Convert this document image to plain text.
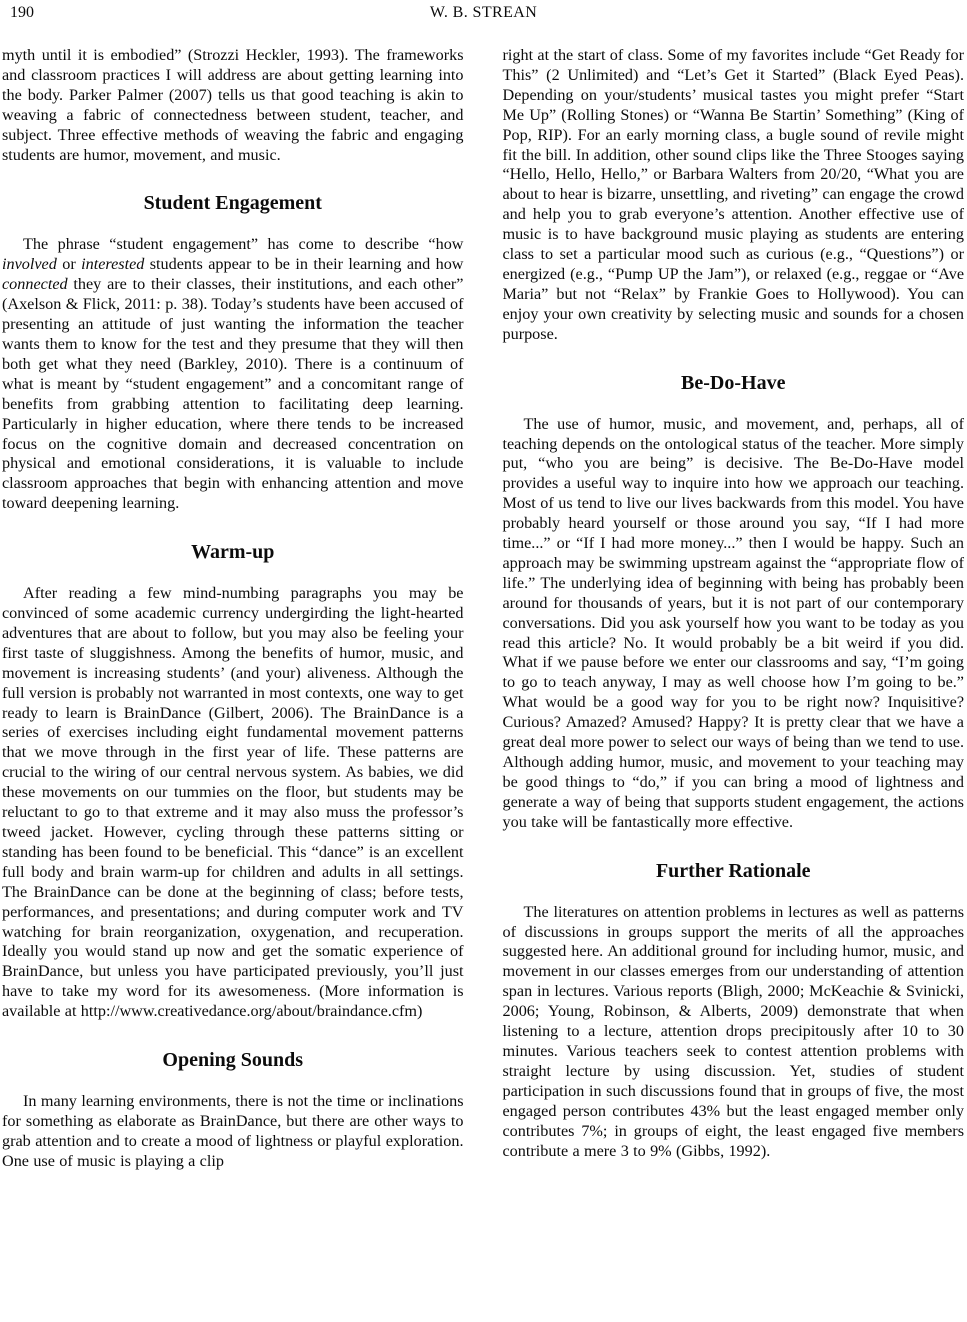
190	W. B. STREAN

myth until it is embodied” (Strozzi Heckler, 1993). The frameworks and classroom practices I will address are about getting learning into the body. Parker Palmer (2007) tells us that good teaching is akin to weaving a fabric of connectedness between student, teacher, and subject. Three effective methods of weaving the fabric and engaging students are humor, movement, and music.

Student Engagement

The phrase “student engagement” has come to describe “how involved or interested students appear to be in their learning and how connected they are to their classes, their institutions, and each other” (Axelson & Flick, 2011: p. 38). Today’s students have been accused of presenting an attitude of just wanting the information the teacher wants them to know for the test and they presume that they will then both get what they need (Barkley, 2010). There is a continuum of what is meant by “student engagement” and a concomitant range of benefits from grabbing attention to facilitating deep learning. Particularly in higher education, where there tends to be increased focus on the cognitive domain and decreased concentration on physical and emotional considerations, it is valuable to include classroom approaches that begin with enhancing attention and move toward deepening learning.

Warm-up

After reading a few mind-numbing paragraphs you may be convinced of some academic currency undergirding the light-hearted adventures that are about to follow, but you may also be feeling your first taste of sluggishness. Among the benefits of humor, music, and movement is increasing students’ (and your) aliveness. Although the full version is probably not warranted in most contexts, one way to get ready to learn is BrainDance (Gilbert, 2006). The BrainDance is a series of exercises including eight fundamental movement patterns that we move through in the first year of life. These patterns are crucial to the wiring of our central nervous system. As babies, we did these movements on our tummies on the floor, but students may be reluctant to go to that extreme and it may also muss the professor’s tweed jacket. However, cycling through these patterns sitting or standing has been found to be beneficial. This “dance” is an excellent full body and brain warm-up for children and adults in all settings. The BrainDance can be done at the beginning of class; before tests, performances, and presentations; and during computer work and TV watching for brain reorganization, oxygenation, and recuperation. Ideally you would stand up now and get the somatic experience of BrainDance, but unless you have participated previously, you’ll just have to take my word for its awesomeness. (More information is available at http://www.creativedance.org/about/braindance.cfm)

Opening Sounds

In many learning environments, there is not the time or inclinations for something as elaborate as BrainDance, but there are other ways to grab attention and to create a mood of lightness or playful exploration. One use of music is playing a clip

right at the start of class. Some of my favorites include “Get Ready for This” (2 Unlimited) and “Let’s Get it Started” (Black Eyed Peas). Depending on your/students’ musical tastes you might prefer “Start Me Up” (Rolling Stones) or “Wanna Be Startin’ Something” (King of Pop, RIP). For an early morning class, a bugle sound of revile might fit the bill. In addition, other sound clips like the Three Stooges saying “Hello, Hello, Hello,” or Barbara Walters from 20/20, “What you are about to hear is bizarre, unsettling, and riveting” can engage the crowd and help you to grab everyone’s attention. Another effective use of music is to have background music playing as students are entering class to set a particular mood such as curious (e.g., “Questions”) or energized (e.g., “Pump UP the Jam”), or relaxed (e.g., reggae or “Ave Maria” but not “Relax” by Frankie Goes to Hollywood). You can enjoy your own creativity by selecting music and sounds for a chosen purpose.

Be-Do-Have

The use of humor, music, and movement, and, perhaps, all of teaching depends on the ontological status of the teacher. More simply put, “who you are being” is decisive. The Be-Do-Have model provides a useful way to inquire into how we approach our teaching. Most of us tend to live our lives backwards from this model. You have probably heard yourself or those around you say, “If I had more time...” or “If I had more money...” then I would be happy. Such an approach may be swimming upstream against the “appropriate flow of life.” The underlying idea of beginning with being has probably been around for thousands of years, but it is not part of our contemporary conversations. Did you ask yourself how you want to be today as you read this article? No. It would probably be a bit weird if you did. What if we pause before we enter our classrooms and say, “I’m going to go to teach anyway, I may as well choose how I’m going to be.” What would be a good way for you to be right now? Inquisitive? Curious? Amazed? Amused? Happy? It is pretty clear that we have a great deal more power to select our ways of being than we tend to use. Although adding humor, music, and movement to your teaching may be good things to “do,” if you can bring a mood of lightness and generate a way of being that supports student engagement, the actions you take will be fantastically more effective.

Further Rationale

The literatures on attention problems in lectures as well as patterns of discussions in groups support the merits of all the approaches suggested here. An additional ground for including humor, music, and movement in our classes emerges from our understanding of attention span in lectures. Various reports (Bligh, 2000; McKeachie & Svinicki, 2006; Young, Robinson, & Alberts, 2009) demonstrate that when listening to a lecture, attention drops precipitously after 10 to 30 minutes. Various teachers seek to contest attention problems with straight lecture by using discussion. Yet, studies of student participation in such discussions found that in groups of five, the most engaged person contributes 43% but the least engaged member only contributes 7%; in groups of eight, the least engaged five members contribute a mere 3 to 9% (Gibbs, 1992).
